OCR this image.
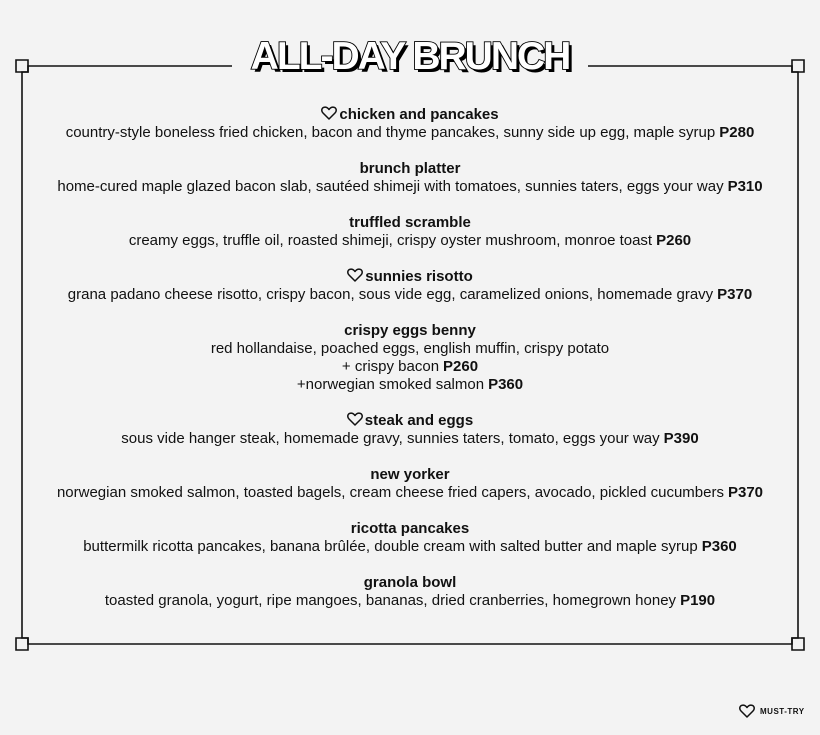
ALL-DAY BRUNCH
chicken and pancakes
country-style boneless fried chicken, bacon and thyme pancakes, sunny side up egg, maple syrup P280
brunch platter
home-cured maple glazed bacon slab, sautéed shimeji with tomatoes, sunnies taters, eggs your way P310
truffled scramble
creamy eggs, truffle oil, roasted shimeji, crispy oyster mushroom, monroe toast P260
sunnies risotto
grana padano cheese risotto, crispy bacon, sous vide egg, caramelized onions, homemade gravy P370
crispy eggs benny
red hollandaise, poached eggs, english muffin, crispy potato
+ crispy bacon P260
+norwegian smoked salmon P360
steak and eggs
sous vide hanger steak, homemade gravy, sunnies taters, tomato, eggs your way P390
new yorker
norwegian smoked salmon, toasted bagels, cream cheese fried capers, avocado, pickled cucumbers P370
ricotta pancakes
buttermilk ricotta pancakes, banana brûlée, double cream with salted butter and maple syrup P360
granola bowl
toasted granola, yogurt, ripe mangoes, bananas, dried cranberries, homegrown honey P190
MUST-TRY
